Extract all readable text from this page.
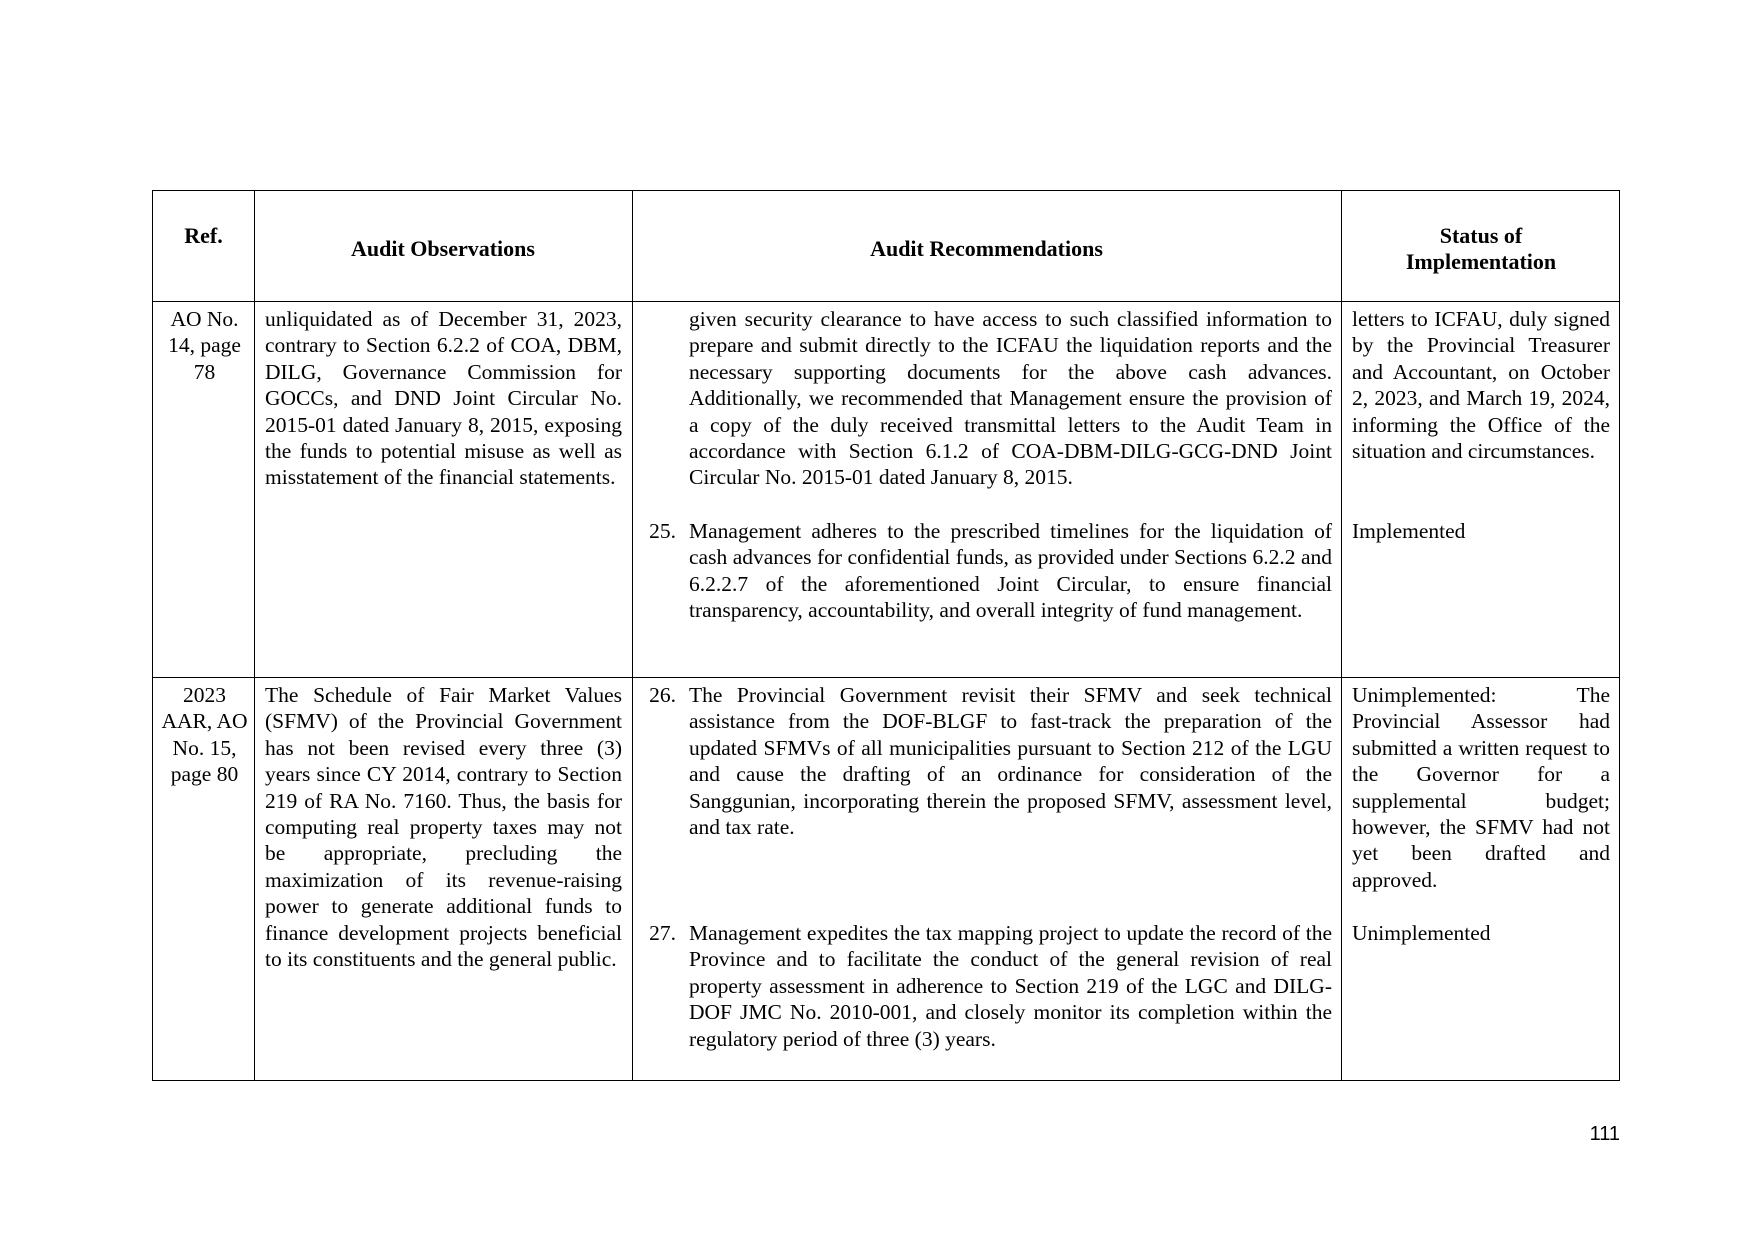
Ref.
Audit Observations	Audit Recommendations
Status of Implementation
AO No. 14, page 78
unliquidated as of December 31, 2023, contrary to Section 6.2.2 of COA, DBM, DILG, Governance Commission for GOCCs, and DND Joint Circular No. 2015-01 dated January 8, 2015, exposing the funds to potential misuse as well as misstatement of the financial statements.
given security clearance to have access to such classified information to prepare and submit directly to the ICFAU the liquidation reports and the necessary supporting documents for the above cash advances. Additionally, we recommended that Management ensure the provision of a copy of the duly received transmittal letters to the Audit Team in accordance with Section 6.1.2 of COA-DBM-DILG-GCG-DND Joint Circular No. 2015-01 dated January 8, 2015.
letters to ICFAU, duly signed by the Provincial Treasurer and Accountant, on October 2, 2023, and March 19, 2024, informing the Office of the situation and circumstances.
25. Management adheres to the prescribed timelines for the liquidation of cash advances for confidential funds, as provided under Sections 6.2.2 and 6.2.2.7 of the aforementioned Joint Circular, to ensure financial transparency, accountability, and overall integrity of fund management.
Implemented
2023 AAR, AO No. 15, page 80
The Schedule of Fair Market Values (SFMV) of the Provincial Government has not been revised every three (3) years since CY 2014, contrary to Section 219 of RA No. 7160. Thus, the basis for computing real property taxes may not be appropriate, precluding the maximization of its revenue-raising power to generate additional funds to finance development projects beneficial to its constituents and the general public.
26. The Provincial Government revisit their SFMV and seek technical assistance from the DOF-BLGF to fast-track the preparation of the updated SFMVs of all municipalities pursuant to Section 212 of the LGU and cause the drafting of an ordinance for consideration of the Sanggunian, incorporating therein the proposed SFMV, assessment level, and tax rate.
Unimplemented: The Provincial Assessor had submitted a written request to the Governor for a supplemental budget; however, the SFMV had not yet been drafted and approved.
27. Management expedites the tax mapping project to update the record of the Province and to facilitate the conduct of the general revision of real property assessment in adherence to Section 219 of the LGC and DILG-DOF JMC No. 2010-001, and closely monitor its completion within the regulatory period of three (3) years.
Unimplemented
111
